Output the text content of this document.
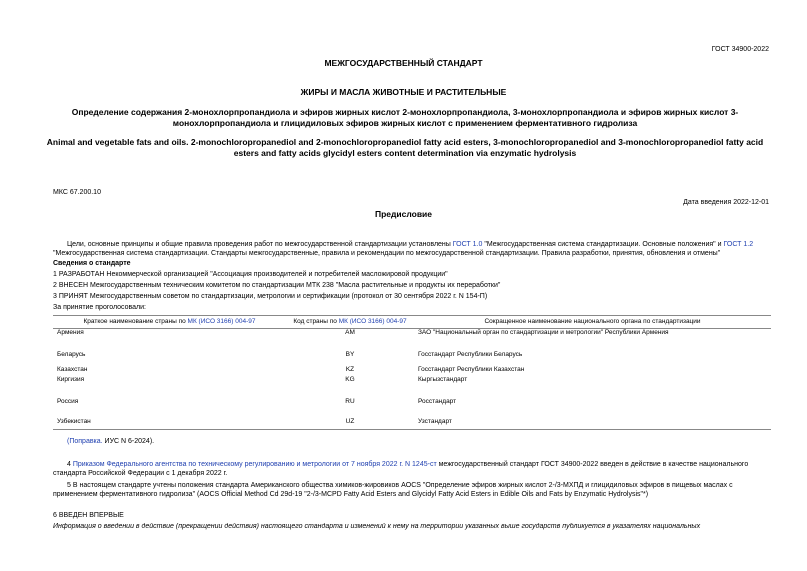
ГОСТ 34900-2022
МЕЖГОСУДАРСТВЕННЫЙ СТАНДАРТ
ЖИРЫ И МАСЛА ЖИВОТНЫЕ И РАСТИТЕЛЬНЫЕ
Определение содержания 2-монохлорпропандиола и эфиров жирных кислот 2-монохлорпропандиола, 3-монохлорпропандиола и эфиров жирных кислот 3-монохлорпропандиола и глицидиловых эфиров жирных кислот с применением ферментативного гидролиза
Animal and vegetable fats and oils. 2-monochloropropanediol and 2-monochloropropanediol fatty acid esters, 3-monochloropropanediol and 3-monochloropropanediol fatty acid esters and fatty acids glycidyl esters content determination via enzymatic hydrolysis
МКС 67.200.10
Дата введения 2022-12-01
Предисловие
Цели, основные принципы и общие правила проведения работ по межгосударственной стандартизации установлены ГОСТ 1.0 "Межгосударственная система стандартизации. Основные положения" и ГОСТ 1.2 "Межгосударственная система стандартизации. Стандарты межгосударственные, правила и рекомендации по межгосударственной стандартизации. Правила разработки, принятия, обновления и отмены"
Сведения о стандарте
1 РАЗРАБОТАН Некоммерческой организацией "Ассоциация производителей и потребителей масложировой продукции"
2 ВНЕСЕН Межгосударственным техническим комитетом по стандартизации МТК 238 "Масла растительные и продукты их переработки"
3 ПРИНЯТ Межгосударственным советом по стандартизации, метрологии и сертификации (протокол от 30 сентября 2022 г. N 154-П)
За принятие проголосовали:
Краткое наименование страны по МК (ИСО 3166) 004-97	Код страны по МК (ИСО 3166) 004-97	Сокращенное наименование национального органа по стандартизации
Армения	AM	ЗАО "Национальный орган по стандартизации и метрологии" Республики Армения
Беларусь	BY	Госстандарт Республики Беларусь
Казахстан	KZ	Госстандарт Республики Казахстан
Киргизия	KG	Кыргызстандарт
Россия	RU	Росстандарт
Узбекистан	UZ	Узстандарт
(Поправка. ИУС N 6-2024).
4 Приказом Федерального агентства по техническому регулированию и метрологии от 7 ноября 2022 г. N 1245-ст межгосударственный стандарт ГОСТ 34900-2022 введен в действие в качестве национального стандарта Российской Федерации с 1 декабря 2022 г.
5 В настоящем стандарте учтены положения стандарта Американского общества химиков-жировиков AOCS "Определение эфиров жирных кислот 2-/3-МХПД и глицидиловых эфиров в пищевых маслах с применением ферментативного гидролиза" (AOCS Official Method Cd 29d-19 "2-/3-MCPD Fatty Acid Esters and Glycidyl Fatty Acid Esters in Edible Oils and Fats by Enzymatic Hydrolysis"*)
6 ВВЕДЕН ВПЕРВЫЕ
Информация о введении в действие (прекращении действия) настоящего стандарта и изменений к нему на территории указанных выше государств публикуется в указателях национальных
